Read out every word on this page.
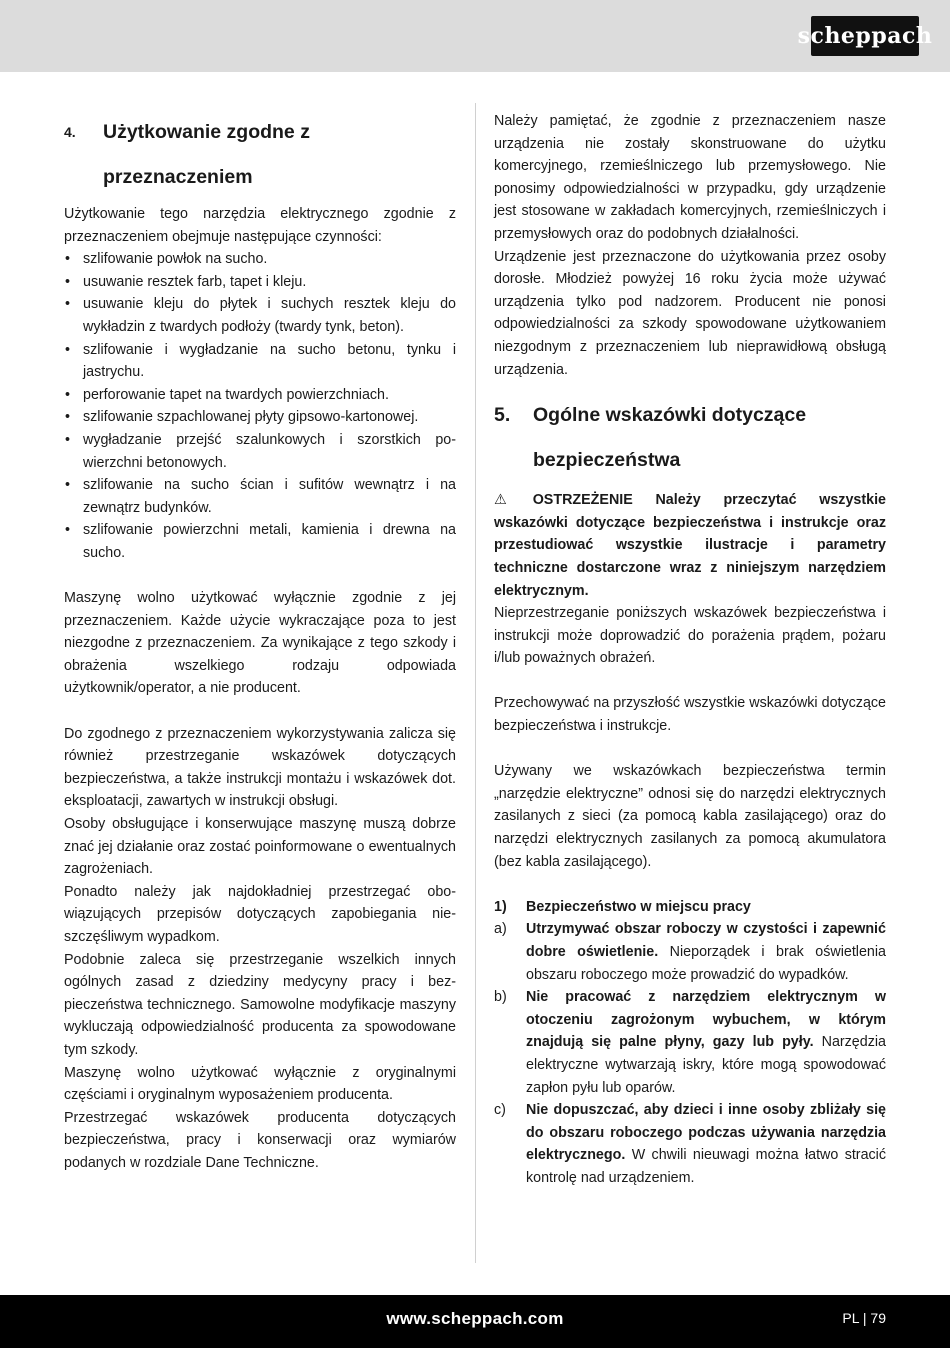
scheppach
4.	Użytkowanie zgodne z
przeznaczeniem

Użytkowanie tego narzędzia elektrycznego zgodnie z przeznaczeniem obejmuje następujące czynności:

• szlifowanie powłok na sucho.
• usuwanie resztek farb, tapet i kleju.
• usuwanie kleju do płytek i suchych resztek kleju do wykładzin z twardych podłoży (twardy tynk, beton).
• szlifowanie i wygładzanie na sucho betonu, tynku i jastrychu.
• perforowanie tapet na twardych powierzchniach.
• szlifowanie szpachlowanej płyty gipsowo-kartonowej.
• wygładzanie przejść szalunkowych i szorstkich powierzchni betonowych.
• szlifowanie na sucho ścian i sufitów wewnątrz i na zewnątrz budynków.
• szlifowanie powierzchni metali, kamienia i drewna na sucho.

Maszynę wolno użytkować wyłącznie zgodnie z jej przeznaczeniem. Każde użycie wykraczające poza to jest niezgodne z przeznaczeniem. Za wynikające z tego szkody i obrażenia wszelkiego rodzaju odpowiada użytkownik/operator, a nie producent.

Do zgodnego z przeznaczeniem wykorzystywania zalicza się również przestrzeganie wskazówek dotyczących bezpieczeństwa, a także instrukcji montażu i wskazówek dot. eksploatacji, zawartych w instrukcji obsługi.

Osoby obsługujące i konserwujące maszynę muszą dobrze znać jej działanie oraz zostać poinformowane o ewentualnych zagrożeniach.

Ponadto należy jak najdokładniej przestrzegać obowiązujących przepisów dotyczących zapobiegania nieszczęśliwym wypadkom.

Podobnie zaleca się przestrzeganie wszelkich innych ogólnych zasad z dziedziny medycyny pracy i bezpieczeństwa technicznego. Samowolne modyfikacje maszyny wykluczają odpowiedzialność producenta za spowodowane tym szkody.

Maszynę wolno użytkować wyłącznie z oryginalnymi częściami i oryginalnym wyposażeniem producenta.

Przestrzegać wskazówek producenta dotyczących bezpieczeństwa, pracy i konserwacji oraz wymiarów podanych w rozdziale Dane Techniczne.

Należy pamiętać, że zgodnie z przeznaczeniem nasze urządzenia nie zostały skonstruowane do użytku komercyjnego, rzemieślniczego lub przemysłowego. Nie ponosimy odpowiedzialności w przypadku, gdy urządzenie jest stosowane w zakładach komercyjnych, rzemieślniczych i przemysłowych oraz do podobnych działalności.

Urządzenie jest przeznaczone do użytkowania przez osoby dorosłe. Młodzież powyżej 16 roku życia może używać urządzenia tylko pod nadzorem. Producent nie ponosi odpowiedzialności za szkody spowodowane użytkowaniem niezgodnym z przeznaczeniem lub nieprawidłową obsługą urządzenia.

5.	Ogólne wskazówki dotyczące
bezpieczeństwa

⚠ OSTRZEŻENIE Należy przeczytać wszystkie wskazówki dotyczące bezpieczeństwa i instrukcje oraz przestudiować wszystkie ilustracje i parametry techniczne dostarczone wraz z niniejszym narzędziem elektrycznym.

Nieprzestrzeganie poniższych wskazówek bezpieczeństwa i instrukcji może doprowadzić do porażenia prądem, pożaru i/lub poważnych obrażeń.

Przechowywać na przyszłość wszystkie wskazówki dotyczące bezpieczeństwa i instrukcje.

Używany we wskazówkach bezpieczeństwa termin „narzędzie elektryczne” odnosi się do narzędzi elektrycznych zasilanych z sieci (za pomocą kabla zasilającego) oraz do narzędzi elektrycznych zasilanych za pomocą akumulatora (bez kabla zasilającego).

1)	Bezpieczeństwo w miejscu pracy
a)	Utrzymywać obszar roboczy w czystości i zapewnić dobre oświetlenie. Nieporządek i brak oświetlenia obszaru roboczego może prowadzić do wypadków.
b)	Nie pracować z narzędziem elektrycznym w otoczeniu zagrożonym wybuchem, w którym znajdują się palne płyny, gazy lub pyły. Narzędzia elektryczne wytwarzają iskry, które mogą spowodować zapłon pyłu lub oparów.
c)	Nie dopuszczać, aby dzieci i inne osoby zbliżały się do obszaru roboczego podczas używania narzędzia elektrycznego. W chwili nieuwagi można łatwo stracić kontrolę nad urządzeniem.
www.scheppach.com	PL | 79
